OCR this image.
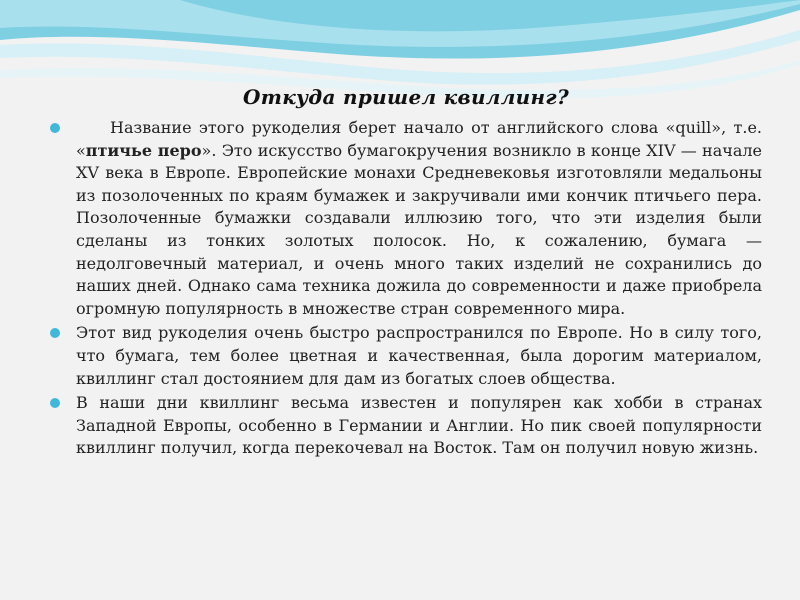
Откуда пришел квиллинг?
Название этого рукоделия берет начало от английского слова «quill», т.е. «птичье перо». Это искусство бумагокручения возникло в конце XIV — начале XV века в Европе. Европейские монахи Средневековья изготовляли медальоны из позолоченных по краям бумажек и закручивали ими кончик птичьего пера. Позолоченные бумажки создавали иллюзию того, что эти изделия были сделаны из тонких золотых полосок. Но, к сожалению, бумага — недолговечный материал, и очень много таких изделий не сохранились до наших дней. Однако сама техника дожила до современности и даже приобрела огромную популярность в множестве стран современного мира.
Этот вид рукоделия очень быстро распространился по Европе. Но в силу того, что бумага, тем более цветная и качественная, была дорогим материалом, квиллинг стал достоянием для дам из богатых слоев общества.
В наши дни квиллинг весьма известен и популярен как хобби в странах Западной Европы, особенно в Германии и Англии. Но пик своей популярности квиллинг получил, когда перекочевал на Восток. Там он получил новую жизнь.
